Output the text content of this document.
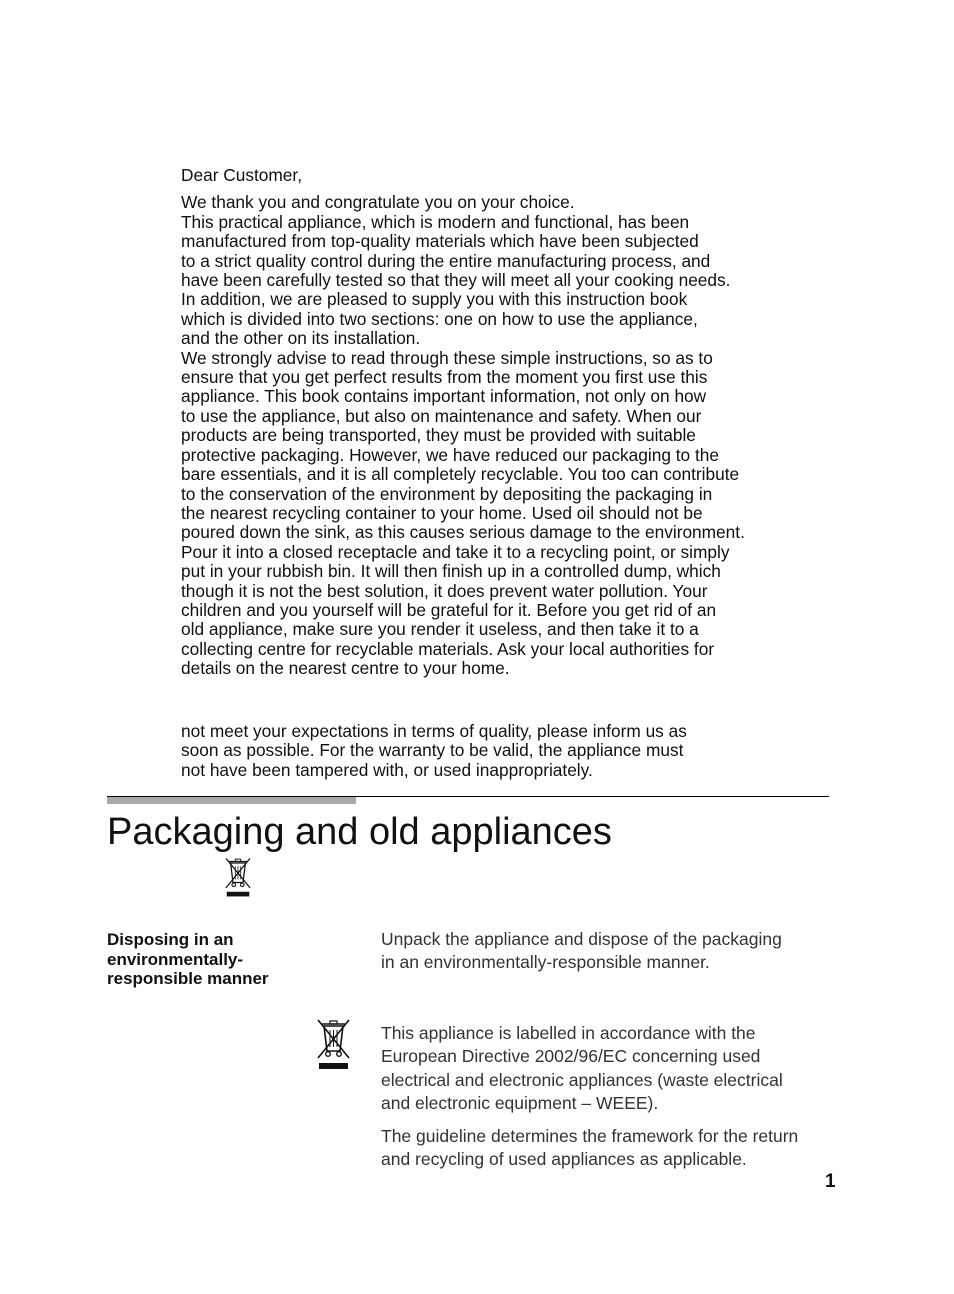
Dear Customer,

We thank you and congratulate you on your choice.
This practical appliance, which is modern and functional, has been
manufactured from top-quality materials which have been subjected
to a strict quality control during the entire manufacturing process, and
have been carefully tested so that they will meet all your cooking needs.
In addition, we are pleased to supply you with this instruction book
which is divided into two sections: one on how to use the appliance,
and the other on its installation.
We strongly advise to read through these simple instructions, so as to
ensure that you get perfect results from the moment you first use this
appliance. This book contains important information, not only on how
to use the appliance, but also on maintenance and safety. When our
products are being transported, they must be provided with suitable
protective packaging. However, we have reduced our packaging to the
bare essentials, and it is all completely recyclable. You too can contribute
to the conservation of the environment by depositing the packaging in
the nearest recycling container to your home. Used oil should not be
poured down the sink, as this causes serious damage to the environment.
Pour it into a closed receptacle and take it to a recycling point, or simply
put in your rubbish bin. It will then finish up in a controlled dump, which
though it is not the best solution, it does prevent water pollution. Your
children and you yourself will be grateful for it. Before you get rid of an
old appliance, make sure you render it useless, and then take it to a
collecting centre for recyclable materials. Ask your local authorities for
details on the nearest centre to your home.

not meet your expectations in terms of quality, please inform us as
soon as possible. For the warranty to be valid, the appliance must
not have been tampered with, or used inappropriately.

Packaging and old appliances

Disposing in an
environmentally-
responsible manner

Unpack the appliance and dispose of the packaging
in an environmentally-responsible manner.

This appliance is labelled in accordance with the
European Directive 2002/96/EC concerning used
electrical and electronic appliances (waste electrical
and electronic equipment – WEEE).

The guideline determines the framework for the return
and recycling of used appliances as applicable.

1
